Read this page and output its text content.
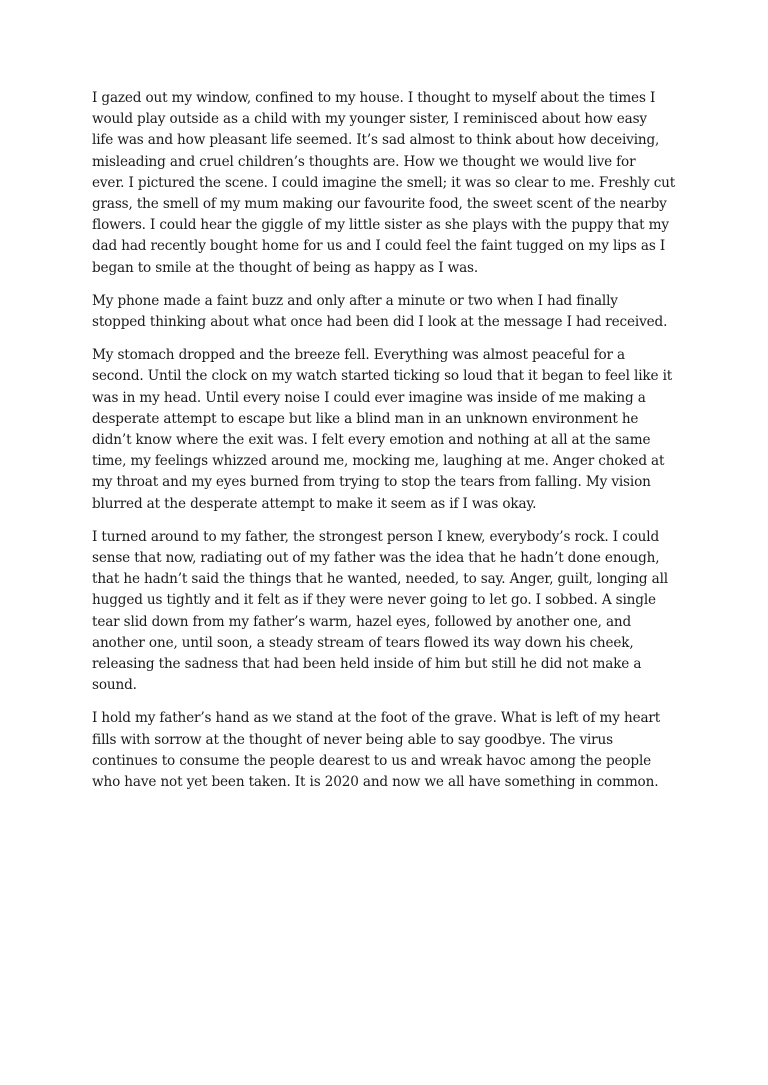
I gazed out my window, confined to my house. I thought to myself about the times I
would play outside as a child with my younger sister, I reminisced about how easy
life was and how pleasant life seemed. It’s sad almost to think about how deceiving,
misleading and cruel children’s thoughts are. How we thought we would live for
ever. I pictured the scene. I could imagine the smell; it was so clear to me. Freshly cut
grass, the smell of my mum making our favourite food, the sweet scent of the nearby
flowers. I could hear the giggle of my little sister as she plays with the puppy that my
dad had recently bought home for us and I could feel the faint tugged on my lips as I
began to smile at the thought of being as happy as I was.

My phone made a faint buzz and only after a minute or two when I had finally
stopped thinking about what once had been did I look at the message I had received.

My stomach dropped and the breeze fell. Everything was almost peaceful for a
second. Until the clock on my watch started ticking so loud that it began to feel like it
was in my head. Until every noise I could ever imagine was inside of me making a
desperate attempt to escape but like a blind man in an unknown environment he
didn’t know where the exit was. I felt every emotion and nothing at all at the same
time, my feelings whizzed around me, mocking me, laughing at me. Anger choked at
my throat and my eyes burned from trying to stop the tears from falling. My vision
blurred at the desperate attempt to make it seem as if I was okay.

I turned around to my father, the strongest person I knew, everybody’s rock. I could
sense that now, radiating out of my father was the idea that he hadn’t done enough,
that he hadn’t said the things that he wanted, needed, to say. Anger, guilt, longing all
hugged us tightly and it felt as if they were never going to let go. I sobbed. A single
tear slid down from my father’s warm, hazel eyes, followed by another one, and
another one, until soon, a steady stream of tears flowed its way down his cheek,
releasing the sadness that had been held inside of him but still he did not make a
sound.

I hold my father’s hand as we stand at the foot of the grave. What is left of my heart
fills with sorrow at the thought of never being able to say goodbye. The virus
continues to consume the people dearest to us and wreak havoc among the people
who have not yet been taken. It is 2020 and now we all have something in common.
